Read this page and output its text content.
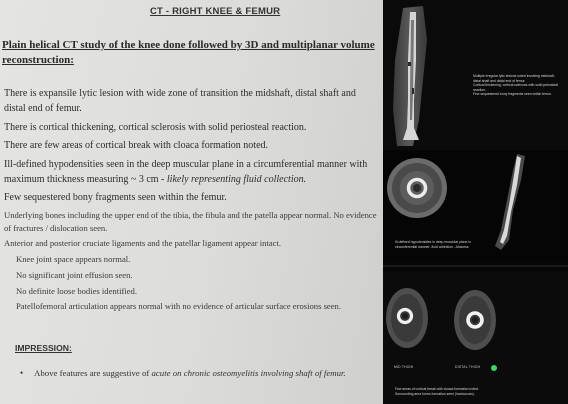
CT - RIGHT KNEE & FEMUR
Plain helical CT study of the knee done followed by 3D and multiplanar volume reconstruction:

There is expansile lytic lesion with wide zone of transition the midshaft, distal shaft and distal end of femur.

There is cortical thickening, cortical sclerosis with solid periosteal reaction.

There are few areas of cortical break with cloaca formation noted.

Ill-defined hypodensities seen in the deep muscular plane in a circumferential manner with maximum thickness measuring ~ 3 cm - likely representing fluid collection.

Few sequestered bony fragments seen within the femur.

Underlying bones including the upper end of the tibia, the fibula and the patella appear normal. No evidence of fractures / dislocation seen.

Anterior and posterior cruciate ligaments and the patellar ligament appear intact.

Knee joint space appears normal.

No significant joint effusion seen.

No definite loose bodies identified.

Patellofemoral articulation appears normal with no evidence of articular surface erosions seen.

IMPRESSION:
•	Above features are suggestive of acute on chronic osteomyelitis involving shaft of femur.
Multiple irregular lytic lesions noted involving midshaft,
distal shaft and distal end of femur.
Cortical thickening, cortical sclerosis with solid periosteal
reaction.
Few sequestered bony fragments seen within femur.
Ill-defined hypodensities in deep muscular plane in
circumferential manner- fluid collection - Abscess.
MID THIGH	DISTAL THIGH
Few areas of cortical break with cloaca formation noted.
Surrounding area forms formation seen (involucrum).
